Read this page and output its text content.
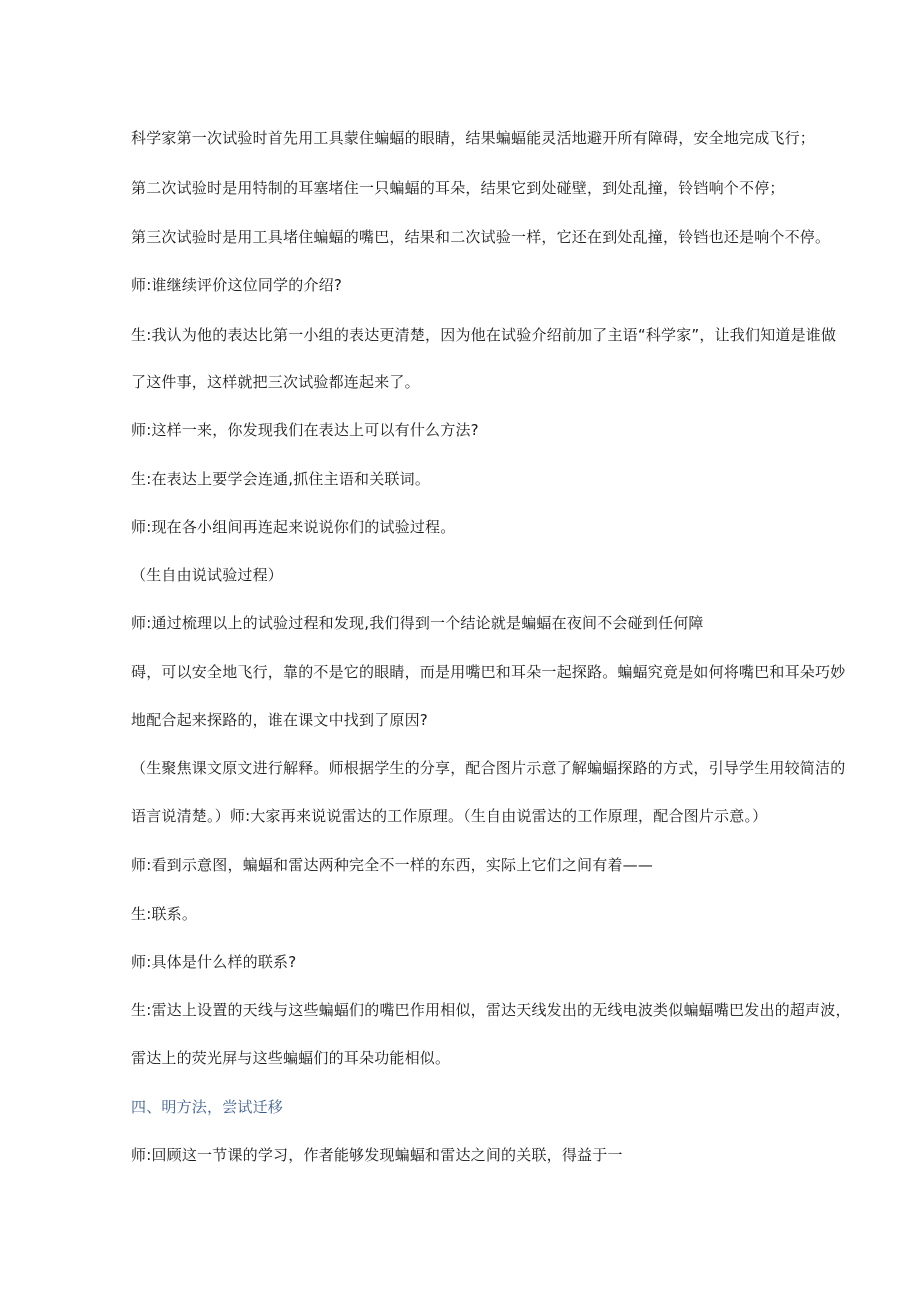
科学家第一次试验时首先用工具蒙住蝙蝠的眼睛，结果蝙蝠能灵活地避开所有障碍，安全地完成飞行；
第二次试验时是用特制的耳塞堵住一只蝙蝠的耳朵，结果它到处碰壁，到处乱撞，铃铛响个不停；
第三次试验时是用工具堵住蝙蝠的嘴巴，结果和二次试验一样，它还在到处乱撞，铃铛也还是响个不停。
师:谁继续评价这位同学的介绍?
生:我认为他的表达比第一小组的表达更清楚，因为他在试验介绍前加了主语“科学家”，让我们知道是谁做
了这件事，这样就把三次试验都连起来了。
师:这样一来，你发现我们在表达上可以有什么方法?
生:在表达上要学会连通,抓住主语和关联词。
师:现在各小组间再连起来说说你们的试验过程。
（生自由说试验过程）
师:通过梳理以上的试验过程和发现,我们得到一个结论就是蝙蝠在夜间不会碰到任何障
碍，可以安全地飞行，靠的不是它的眼睛，而是用嘴巴和耳朵一起探路。蝙蝠究竟是如何将嘴巴和耳朵巧妙
地配合起来探路的，谁在课文中找到了原因?
（生聚焦课文原文进行解释。师根据学生的分享，配合图片示意了解蝙蝠探路的方式，引导学生用较简洁的
语言说清楚。）师:大家再来说说雷达的工作原理。（生自由说雷达的工作原理，配合图片示意。）
师:看到示意图，蝙蝠和雷达两种完全不一样的东西，实际上它们之间有着——
生:联系。
师:具体是什么样的联系?
生:雷达上设置的天线与这些蝙蝠们的嘴巴作用相似，雷达天线发出的无线电波类似蝙蝠嘴巴发出的超声波，
雷达上的荧光屏与这些蝙蝠们的耳朵功能相似。
四、明方法，尝试迁移
师:回顾这一节课的学习，作者能够发现蝙蝠和雷达之间的关联，得益于一
